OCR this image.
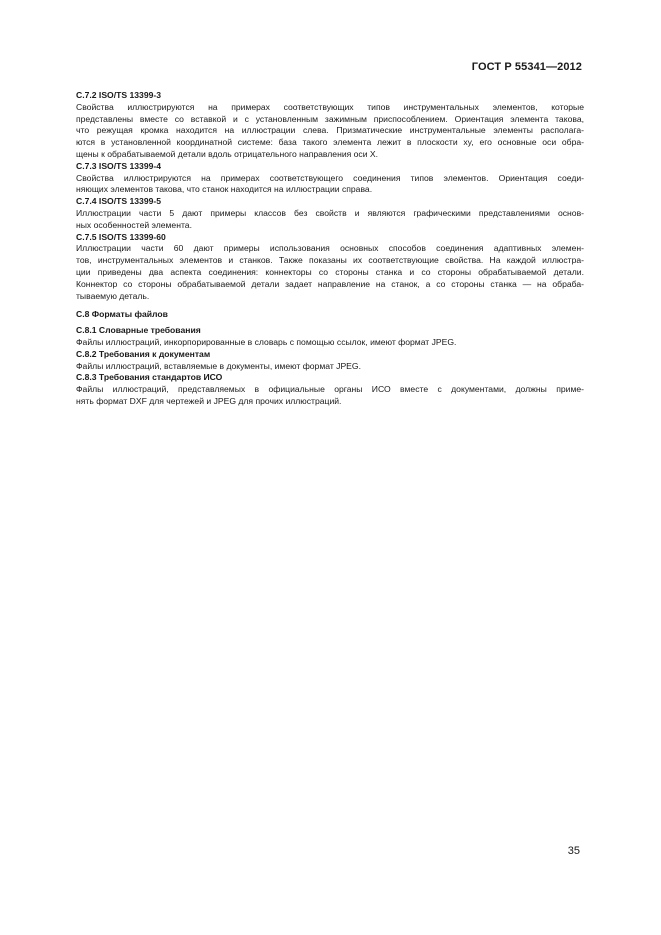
ГОСТ Р 55341—2012
C.7.2 ISO/TS 13399-3
Свойства иллюстрируются на примерах соответствующих типов инструментальных элементов, которые
представлены вместе со вставкой и с установленным зажимным приспособлением. Ориентация элемента такова,
что режущая кромка находится на иллюстрации слева. Призматические инструментальные элементы располага-
ются в установленной координатной системе: база такого элемента лежит в плоскости xy, его основные оси обра-
щены к обрабатываемой детали вдоль отрицательного направления оси X.
C.7.3 ISO/TS 13399-4
Свойства иллюстрируются на примерах соответствующего соединения типов элементов. Ориентация соеди-
няющих элементов такова, что станок находится на иллюстрации справа.
C.7.4 ISO/TS 13399-5
Иллюстрации части 5 дают примеры классов без свойств и являются графическими представлениями основ-
ных особенностей элемента.
C.7.5 ISO/TS 13399-60
Иллюстрации части 60 дают примеры использования основных способов соединения адаптивных элемен-
тов, инструментальных элементов и станков. Также показаны их соответствующие свойства. На каждой иллюстра-
ции приведены два аспекта соединения: коннекторы со стороны станка и со стороны обрабатываемой детали.
Коннектор со стороны обрабатываемой детали задает направление на станок, а со стороны станка — на обраба-
тываемую деталь.
C.8 Форматы файлов
C.8.1 Словарные требования
Файлы иллюстраций, инкорпорированные в словарь с помощью ссылок, имеют формат JPEG.
C.8.2 Требования к документам
Файлы иллюстраций, вставляемые в документы, имеют формат JPEG.
C.8.3 Требования стандартов ИСО
Файлы иллюстраций, представляемых в официальные органы ИСО вместе с документами, должны приме-
нять формат DXF для чертежей и JPEG для прочих иллюстраций.
35
